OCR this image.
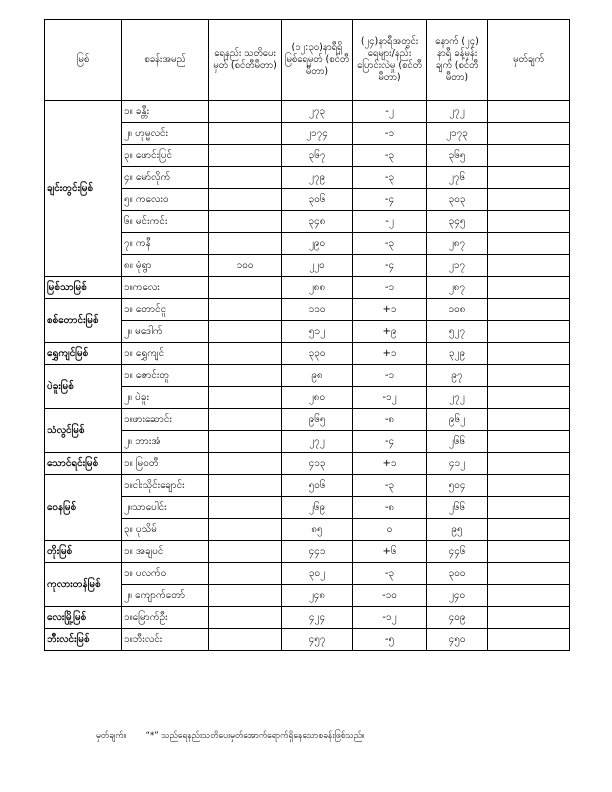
မြစ်	စခန်းအမည်	ရေနည်း သတိပေးမှတ် (စင်တီမီတာ)	(၁၂:၃၀)နာရီရှိ မြစ်ရေမှတ် (စင်တီမီတာ)	(၂၄)နာရီအတွင်း ရေများ/နည်းပြောင်းလဲမှု (စင်တီမီတာ)	နောက် (၂၄) နာရီ ခန့်မှန်းချက် (စင်တီမီတာ)	မှတ်ချက်
ချင်းတွင်းမြစ်	၁။ ခန္တီး		၂၇၃	-၂	၂၇၂	
	၂။ ဟုမ္မလင်း		၂၁၇၄	-၁	၂၁၇၃	
	၃။ ဖောင်းပြင်		၃၆၇	-၃	၃၆၅	
	၄။ မော်လိုက်		၂၇၉	-၃	၂၇၆	
	၅။ ကလေးဝ		၃၀၆	-၄	၃၀၃	
	၆။ မင်းကင်း		၃၄၈	-၂	၃၄၅	
	၇။ ကနီ		၂၉၀	-၃	၂၈၇	
	၈။ မုံရွာ	၁၀၀	၂၂၀	-၄	၂၁၇	
မြစ်သာမြစ်	၁။ကလေး		၂၈၈	-၁	၂၈၇	
စစ်တောင်းမြစ်	၁။ တောင်ငူ		၁၁၀	+၁	၁၀၈	
	၂။ မဒေါက်		၅၁၂	+၉	၅၂၇	
ရွှေကျင်မြစ်	၁။ ရွှေကျင်		၃၃၀	+၁	၃၂၉	
ပဲခူးမြစ်	၁။ ဇောင်းတူ		၉၈	-၁	၉၇	
	၂။ ပဲခူး		၂၈၀	-၁၂	၂၇၂	
သံလွင်မြစ်	၁။ဖားဆောင်း		၉၆၅	-၈	၉၆၂	
	၂။ ဘားအံ		၂၇၂	-၄	၂၆၆	
သောင်ရင်းမြစ်	၁။ မြဝတီ		၄၁၃	+၁	၄၁၂	
ဝေနမြစ်	၁။ငါးသိုင်းချောင်း		၅၀၆	-၃	၅၀၄	
	၂။သာပေါင်း		၂၆၉	-၈	၂၆၆	
	၃။ ပုသိမ်		၈၅	၀	၉၅	
တိုးမြစ်	၁။ အချပင်		၄၄၁	+၆	၄၄၆	
ကုလားတန်မြစ်	၁။ ပလက်ဝ		၃၀၂	-၃	၃၀၀	
	၂။ ကျောက်တော်		၂၄၈	-၁၀	၂၄၀	
လေးမြို့မြစ်	၁။မြောက်ဦး		၄၂၄	-၁၂	၄၀၉	
ဘီးလင်းမြစ်	၁။ဘီးလင်း		၄၅၇	-၅	၄၅၀	
မှတ်ချက်။ “*” သည်ရေနည်းသတိပေးမှတ်အောက်ရောက်ရှိနေသောစခန်းဖြစ်သည်။
